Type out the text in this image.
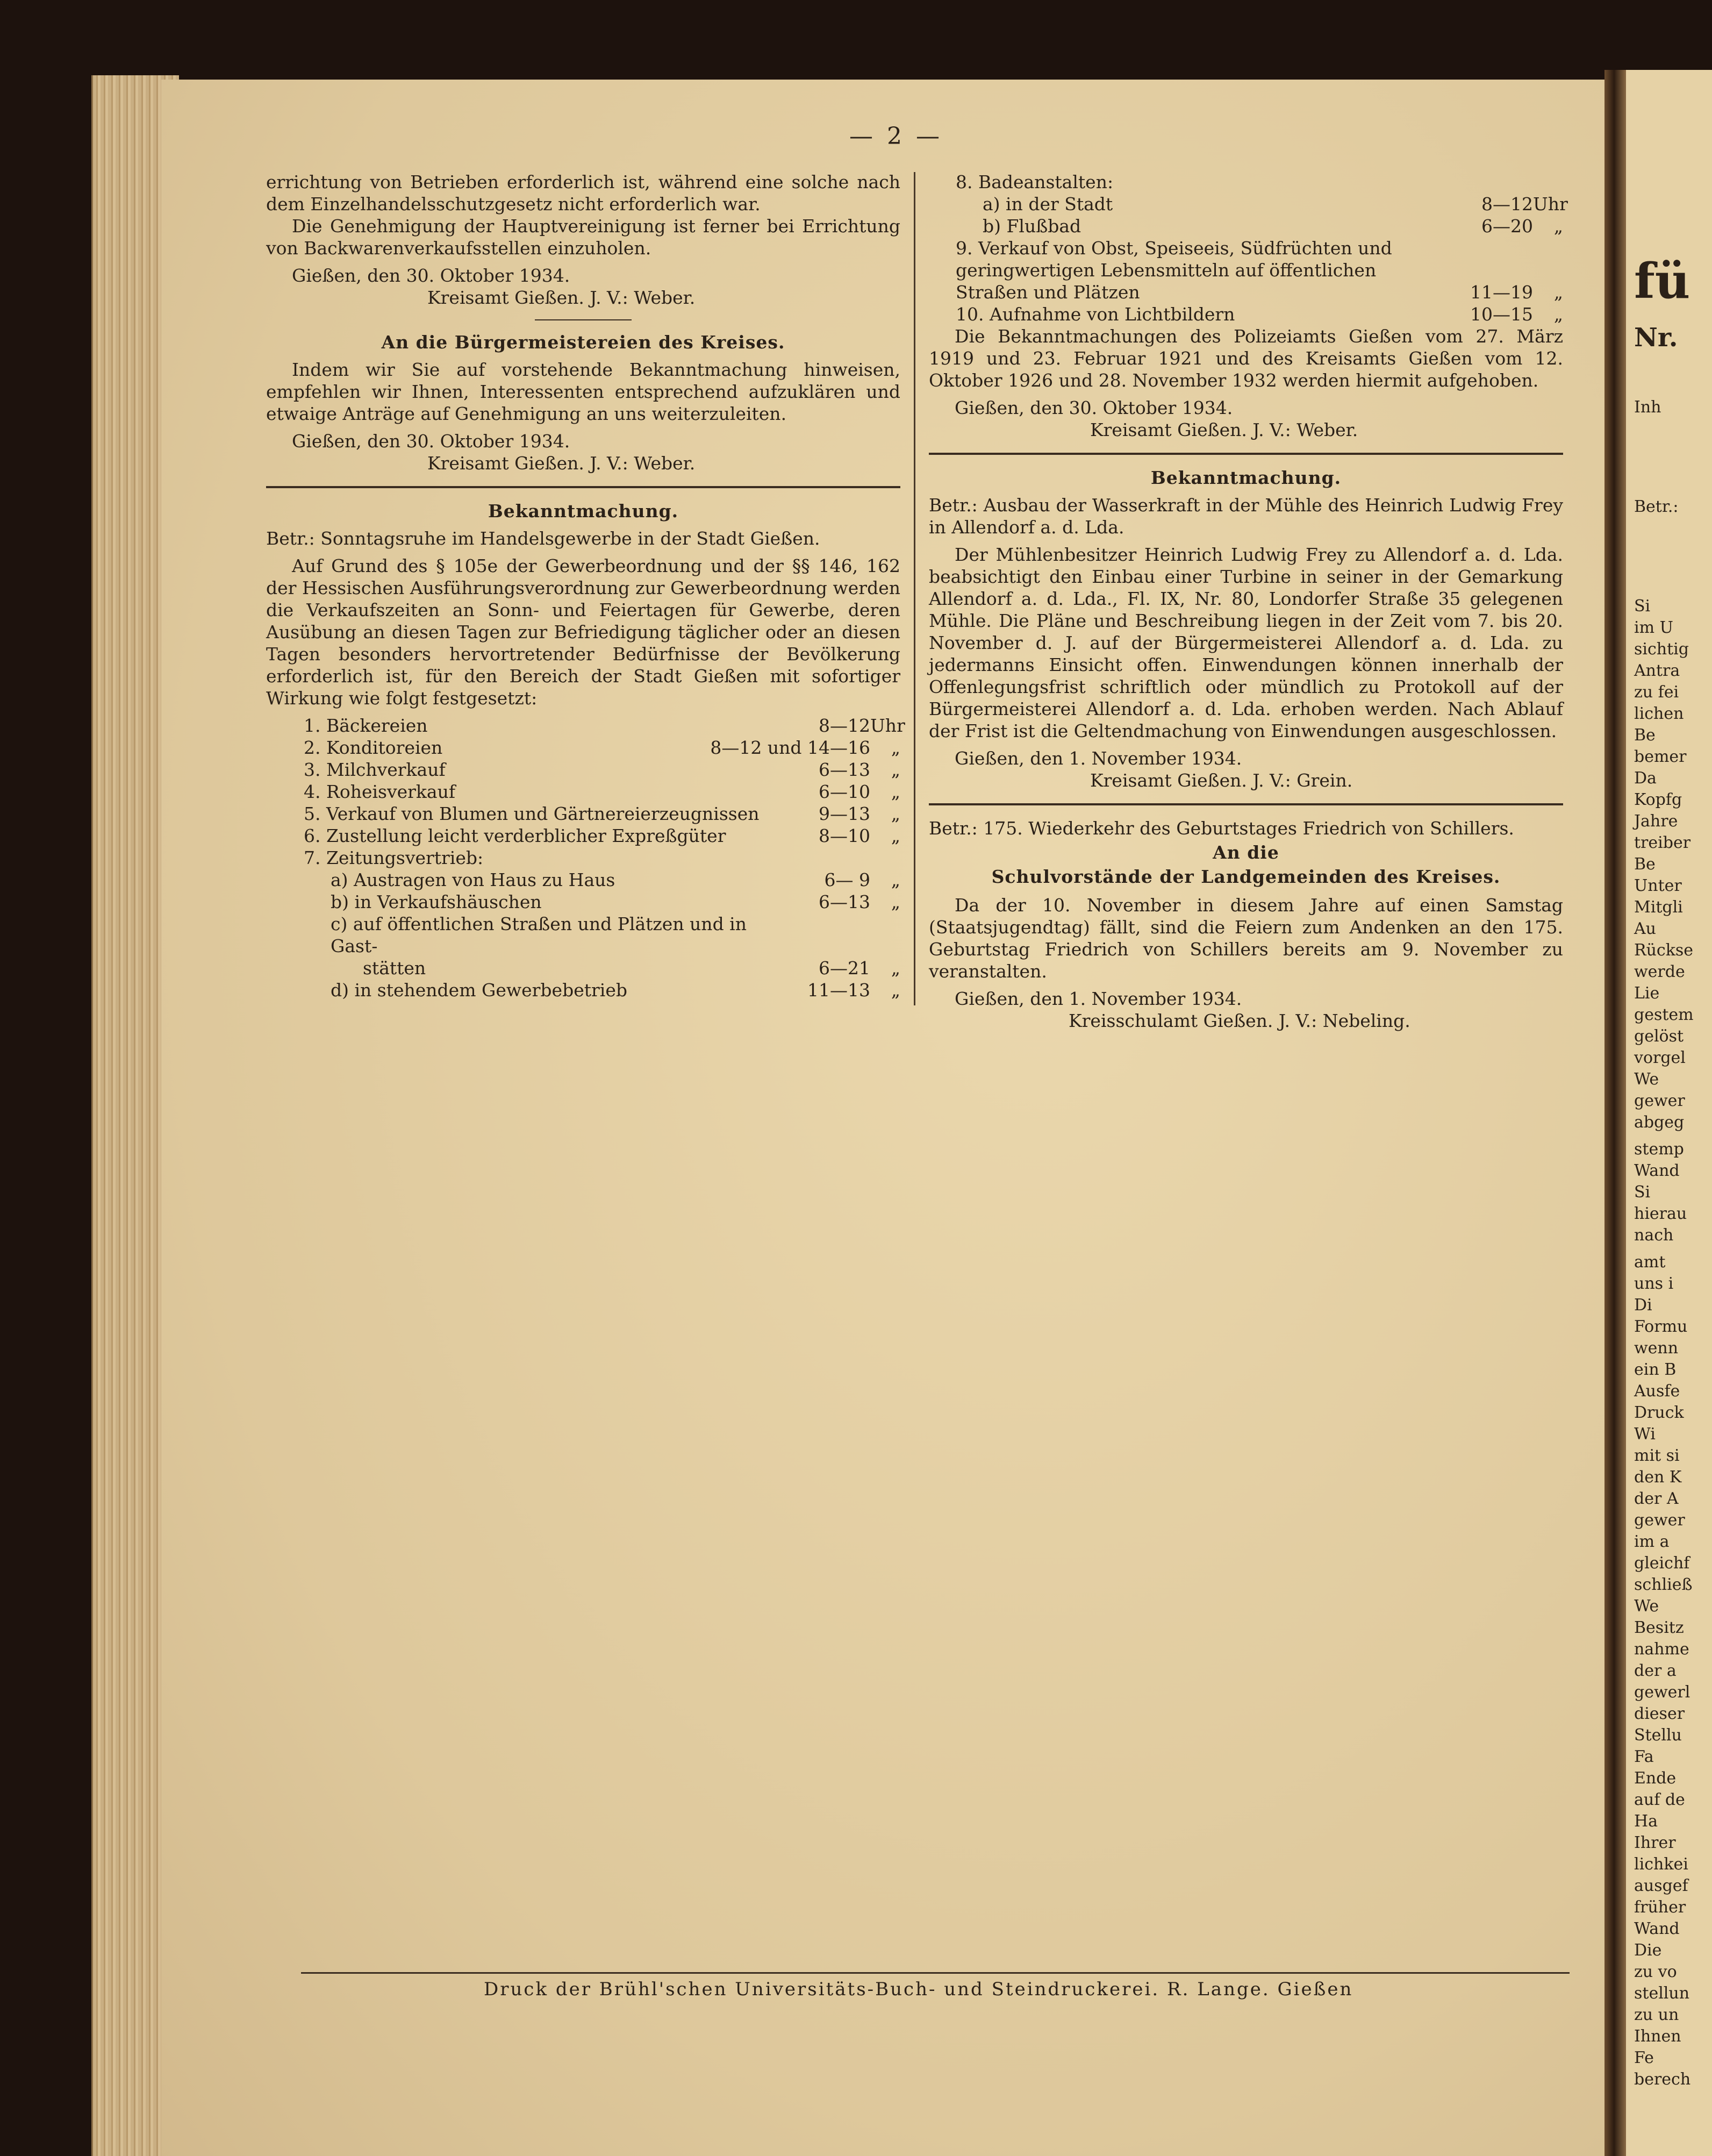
— 2 —

errichtung von Betrieben erforderlich ist, während eine solche nach dem Einzelhandelsschutzgesetz nicht erforderlich war.

Die Genehmigung der Hauptvereinigung ist ferner bei Errichtung von Backwarenverkaufsstellen einzuholen.

Gießen, den 30. Oktober 1934.

Kreisamt Gießen. J. V.: Weber.

An die Bürgermeistereien des Kreises.

Indem wir Sie auf vorstehende Bekanntmachung hinweisen, empfehlen wir Ihnen, Interessenten entsprechend aufzuklären und etwaige Anträge auf Genehmigung an uns weiterzuleiten.

Gießen, den 30. Oktober 1934.

Kreisamt Gießen. J. V.: Weber.

Bekanntmachung.

Betr.: Sonntagsruhe im Handelsgewerbe in der Stadt Gießen.

Auf Grund des § 105e der Gewerbeordnung und der §§ 146, 162 der Hessischen Ausführungsverordnung zur Gewerbeordnung werden die Verkaufszeiten an Sonn- und Feiertagen für Gewerbe, deren Ausübung an diesen Tagen zur Befriedigung täglicher oder an diesen Tagen besonders hervortretender Bedürfnisse der Bevölkerung erforderlich ist, für den Bereich der Stadt Gießen mit sofortiger Wirkung wie folgt festgesetzt:

1. Bäckereien	8—12 Uhr
2. Konditoreien	8—12 und 14—16	„
3. Milchverkauf	6—13	„
4. Roheisverkauf	6—10	„
5. Verkauf von Blumen und Gärtnereierzeugnissen	9—13	„
6. Zustellung leicht verderblicher Expreßgüter	8—10	„
7. Zeitungsvertrieb:
a) Austragen von Haus zu Haus	6— 9	„
b) in Verkaufshäuschen	6—13	„
c) auf öffentlichen Straßen und Plätzen und in Gast-
stätten	6—21	„
d) in stehendem Gewerbebetrieb	11—13	„
8. Badeanstalten:
a) in der Stadt	8—12 Uhr
b) Flußbad	6—20	„
9. Verkauf von Obst, Speiseeis, Südfrüchten und geringwertigen Lebensmitteln auf öffentlichen Straßen und Plätzen	11—19	„
10. Aufnahme von Lichtbildern	10—15	„

Die Bekanntmachungen des Polizeiamts Gießen vom 27. März 1919 und 23. Februar 1921 und des Kreisamts Gießen vom 12. Oktober 1926 und 28. November 1932 werden hiermit aufgehoben.

Gießen, den 30. Oktober 1934.

Kreisamt Gießen. J. V.: Weber.

Bekanntmachung.

Betr.: Ausbau der Wasserkraft in der Mühle des Heinrich Ludwig Frey in Allendorf a. d. Lda.

Der Mühlenbesitzer Heinrich Ludwig Frey zu Allendorf a. d. Lda. beabsichtigt den Einbau einer Turbine in seiner in der Gemarkung Allendorf a. d. Lda., Fl. IX, Nr. 80, Londorfer Straße 35 gelegenen Mühle. Die Pläne und Beschreibung liegen in der Zeit vom 7. bis 20. November d. J. auf der Bürgermeisterei Allendorf a. d. Lda. zu jedermanns Einsicht offen. Einwendungen können innerhalb der Offenlegungsfrist schriftlich oder mündlich zu Protokoll auf der Bürgermeisterei Allendorf a. d. Lda. erhoben werden. Nach Ablauf der Frist ist die Geltendmachung von Einwendungen ausgeschlossen.

Gießen, den 1. November 1934.

Kreisamt Gießen. J. V.: Grein.

Betr.: 175. Wiederkehr des Geburtstages Friedrich von Schillers.

An die

Schulvorstände der Landgemeinden des Kreises.

Da der 10. November in diesem Jahre auf einen Samstag (Staatsjugendtag) fällt, sind die Feiern zum Andenken an den 175. Geburtstag Friedrich von Schillers bereits am 9. November zu veranstalten.

Gießen, den 1. November 1934.

Kreisschulamt Gießen. J. V.: Nebeling.

Druck der Brühl'schen Universitäts-Buch- und Steindruckerei. R. Lange. Gießen
fü
Nr.
Inh
Betr.:
Si
im U
sichtig
Antra
zu fei
lichen
Be
bemer
Da
Kopfg
Jahre
treiber
Be
Unter
Mitgli
Au
Rückse
werde
Lie
gestem
gelöst
vorgel
We
gewer
abgeg
stemp
Wand
Si
hierau
nach
amt
uns i
Di
Formu
wenn
ein B
Ausfe
Druck
Wi
mit si
den K
der A
gewer
im a
gleichf
schließ
We
Besitz
nahme
der a
gewerl
dieser
Stellu
Fa
Ende
auf de
Ha
Ihrer
lichkei
ausgef
früher
Wand
Die
zu vo
stellun
zu un
Ihnen
Fe
berech
